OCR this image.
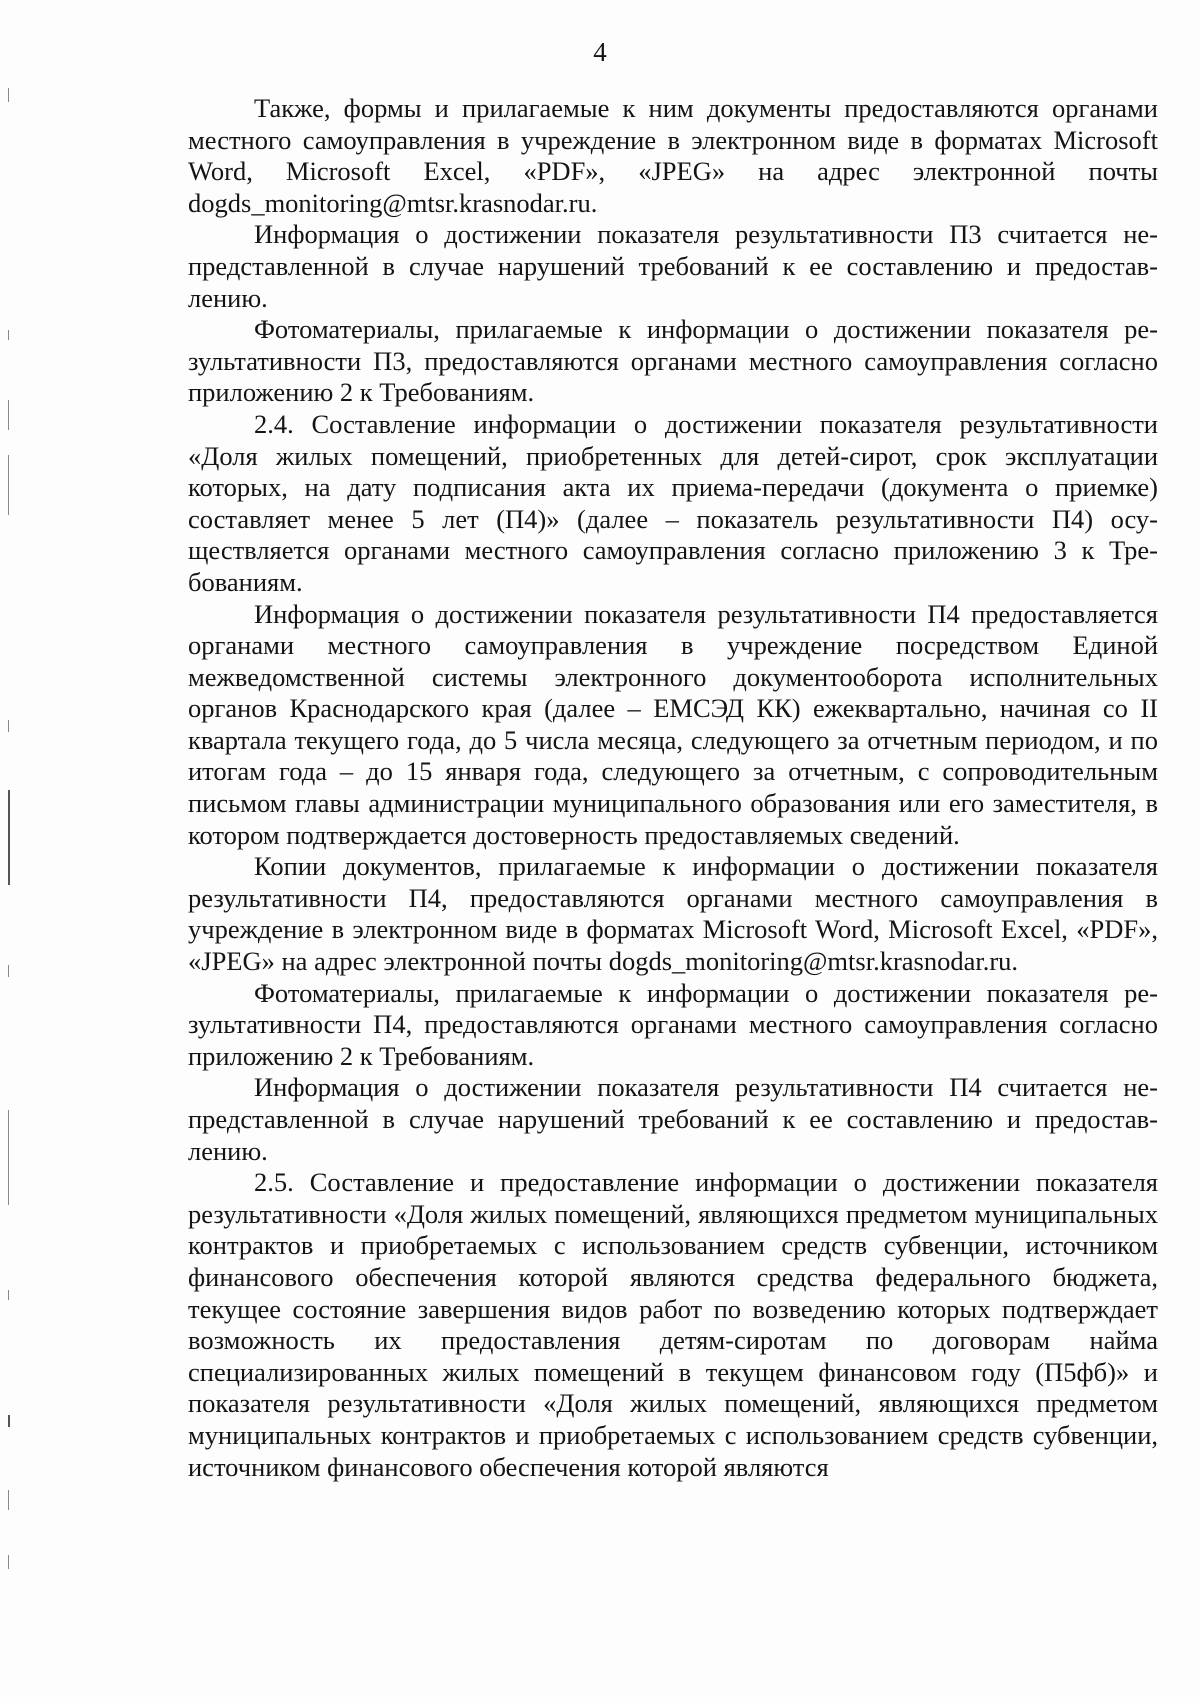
4

Также, формы и прилагаемые к ним документы предоставляются органами местного самоуправления в учреждение в электронном виде в форматах Microsoft Word, Microsoft Excel, «PDF», «JPEG» на адрес электронной почты dogds_monitoring@mtsr.krasnodar.ru.

Информация о достижении показателя результативности П3 считается непредставленной в случае нарушений требований к ее составлению и предоставлению.

Фотоматериалы, прилагаемые к информации о достижении показателя результативности П3, предоставляются органами местного самоуправления согласно приложению 2 к Требованиям.

2.4. Составление информации о достижении показателя результативности «Доля жилых помещений, приобретенных для детей-сирот, срок эксплуатации которых, на дату подписания акта их приема-передачи (документа о приемке) составляет менее 5 лет (П4)» (далее – показатель результативности П4) осуществляется органами местного самоуправления согласно приложению 3 к Требованиям.

Информация о достижении показателя результативности П4 предоставляется органами местного самоуправления в учреждение посредством Единой межведомственной системы электронного документооборота исполнительных органов Краснодарского края (далее – ЕМСЭД КК) ежеквартально, начиная со II квартала текущего года, до 5 числа месяца, следующего за отчетным периодом, и по итогам года – до 15 января года, следующего за отчетным, с сопроводительным письмом главы администрации муниципального образования или его заместителя, в котором подтверждается достоверность предоставляемых сведений.

Копии документов, прилагаемые к информации о достижении показателя результативности П4, предоставляются органами местного самоуправления в учреждение в электронном виде в форматах Microsoft Word, Microsoft Excel, «PDF», «JPEG» на адрес электронной почты dogds_monitoring@mtsr.krasnodar.ru.

Фотоматериалы, прилагаемые к информации о достижении показателя результативности П4, предоставляются органами местного самоуправления согласно приложению 2 к Требованиям.

Информация о достижении показателя результативности П4 считается непредставленной в случае нарушений требований к ее составлению и предоставлению.

2.5. Составление и предоставление информации о достижении показателя результативности «Доля жилых помещений, являющихся предметом муниципальных контрактов и приобретаемых с использованием средств субвенции, источником финансового обеспечения которой являются средства федерального бюджета, текущее состояние завершения видов работ по возведению которых подтверждает возможность их предоставления детям-сиротам по договорам найма специализированных жилых помещений в текущем финансовом году (П5фб)» и показателя результативности «Доля жилых помещений, являющихся предметом муниципальных контрактов и приобретаемых с использованием средств субвенции, источником финансового обеспечения которой являются
